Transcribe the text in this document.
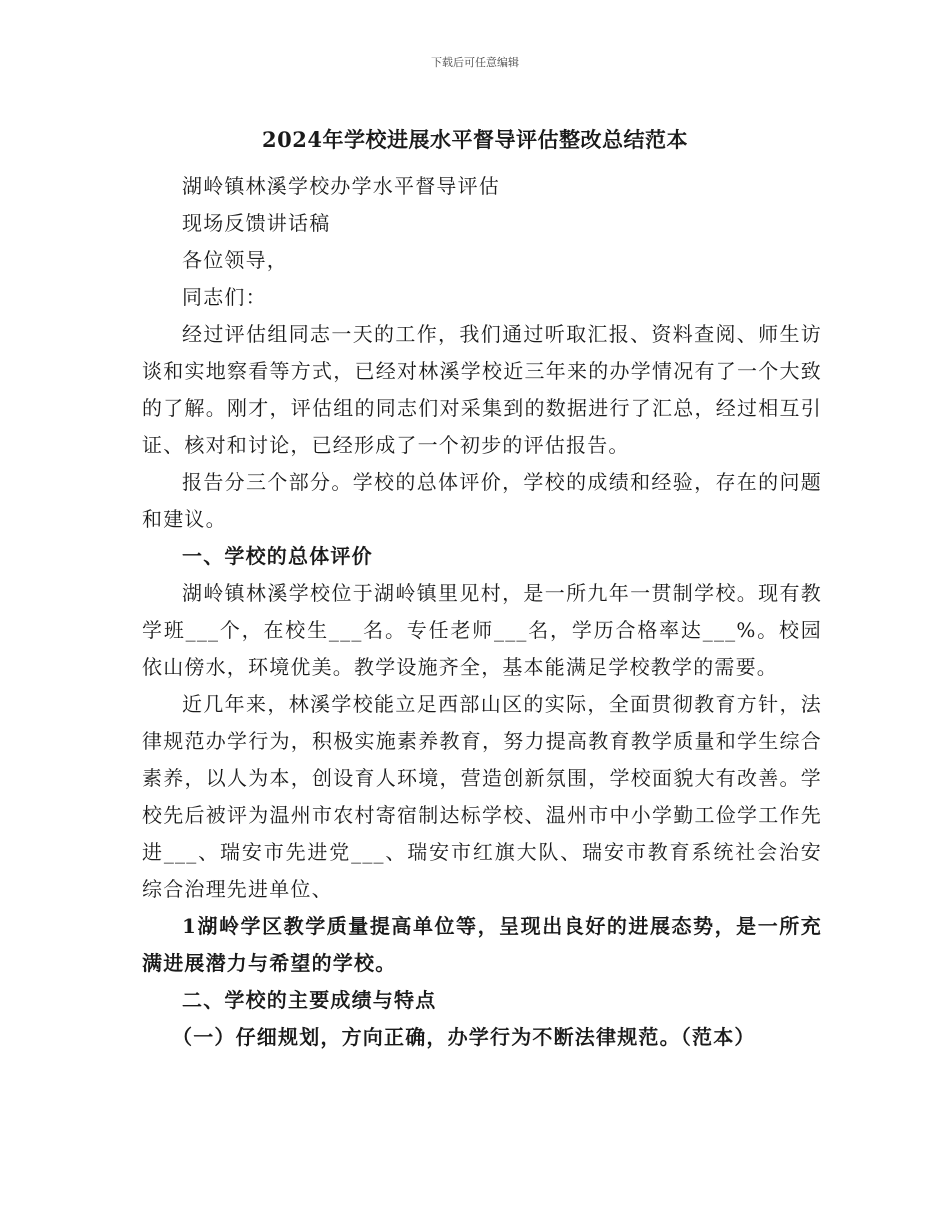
下载后可任意编辑
2024年学校进展水平督导评估整改总结范本

湖岭镇林溪学校办学水平督导评估

现场反馈讲话稿

各位领导，

同志们：

经过评估组同志一天的工作，我们通过听取汇报、资料查阅、师生访谈和实地察看等方式，已经对林溪学校近三年来的办学情况有了一个大致的了解。刚才，评估组的同志们对采集到的数据进行了汇总，经过相互引证、核对和讨论，已经形成了一个初步的评估报告。

报告分三个部分。学校的总体评价，学校的成绩和经验，存在的问题和建议。

一、学校的总体评价

湖岭镇林溪学校位于湖岭镇里见村，是一所九年一贯制学校。现有教学班___个，在校生___名。专任老师___名，学历合格率达___%。校园依山傍水，环境优美。教学设施齐全，基本能满足学校教学的需要。

近几年来，林溪学校能立足西部山区的实际，全面贯彻教育方针，法律规范办学行为，积极实施素养教育，努力提高教育教学质量和学生综合素养，以人为本，创设育人环境，营造创新氛围，学校面貌大有改善。学校先后被评为温州市农村寄宿制达标学校、温州市中小学勤工俭学工作先进___、瑞安市先进党___、瑞安市红旗大队、瑞安市教育系统社会治安综合治理先进单位、

1湖岭学区教学质量提高单位等，呈现出良好的进展态势，是一所充满进展潜力与希望的学校。

二、学校的主要成绩与特点

（一）仔细规划，方向正确，办学行为不断法律规范。（范本）
